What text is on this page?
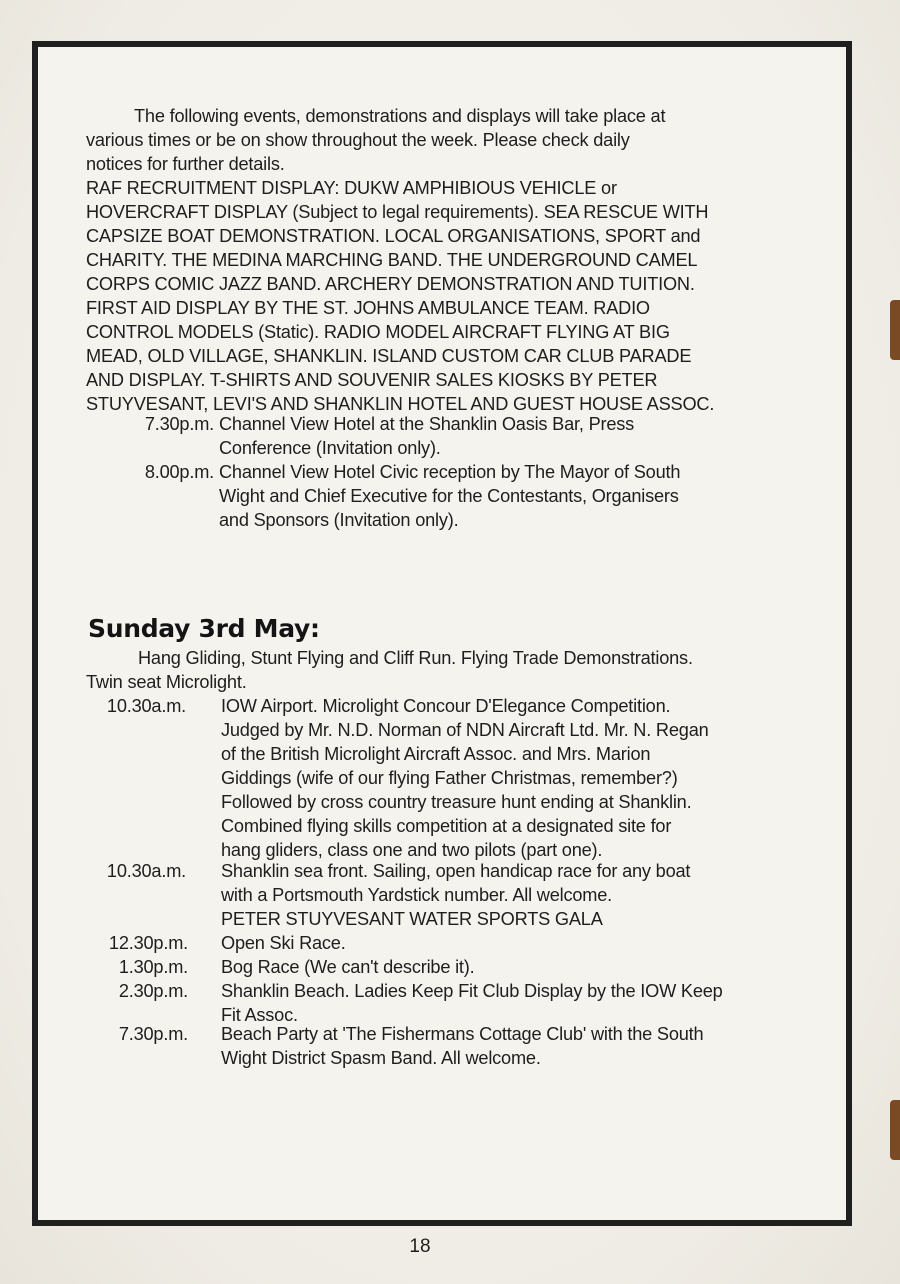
The following events, demonstrations and displays will take place at

various times or be on show throughout the week. Please check daily

notices for further details.

RAF RECRUITMENT DISPLAY: DUKW AMPHIBIOUS VEHICLE or

HOVERCRAFT DISPLAY (Subject to legal requirements). SEA RESCUE WITH

CAPSIZE BOAT DEMONSTRATION. LOCAL ORGANISATIONS, SPORT and

CHARITY. THE MEDINA MARCHING BAND. THE UNDERGROUND CAMEL

CORPS COMIC JAZZ BAND. ARCHERY DEMONSTRATION AND TUITION.

FIRST AID DISPLAY BY THE ST. JOHNS AMBULANCE TEAM. RADIO

CONTROL MODELS (Static). RADIO MODEL AIRCRAFT FLYING AT BIG

MEAD, OLD VILLAGE, SHANKLIN. ISLAND CUSTOM CAR CLUB PARADE

AND DISPLAY. T-SHIRTS AND SOUVENIR SALES KIOSKS BY PETER

STUYVESANT, LEVI'S AND SHANKLIN HOTEL AND GUEST HOUSE ASSOC.

7.30p.m. Channel View Hotel at the Shanklin Oasis Bar, Press

Conference (Invitation only).

8.00p.m. Channel View Hotel Civic reception by The Mayor of South

Wight and Chief Executive for the Contestants, Organisers

and Sponsors (Invitation only).

Sunday 3rd May:

Hang Gliding, Stunt Flying and Cliff Run. Flying Trade Demonstrations.

Twin seat Microlight.

10.30a.m. IOW Airport. Microlight Concour D'Elegance Competition.

Judged by Mr. N.D. Norman of NDN Aircraft Ltd. Mr. N. Regan

of the British Microlight Aircraft Assoc. and Mrs. Marion

Giddings (wife of our flying Father Christmas, remember?)

Followed by cross country treasure hunt ending at Shanklin.

Combined flying skills competition at a designated site for

hang gliders, class one and two pilots (part one).

10.30a.m. Shanklin sea front. Sailing, open handicap race for any boat

with a Portsmouth Yardstick number. All welcome.

PETER STUYVESANT WATER SPORTS GALA

12.30p.m. Open Ski Race.

1.30p.m. Bog Race (We can't describe it).

2.30p.m. Shanklin Beach. Ladies Keep Fit Club Display by the IOW Keep

Fit Assoc.

7.30p.m. Beach Party at 'The Fishermans Cottage Club' with the South

Wight District Spasm Band. All welcome.

18
